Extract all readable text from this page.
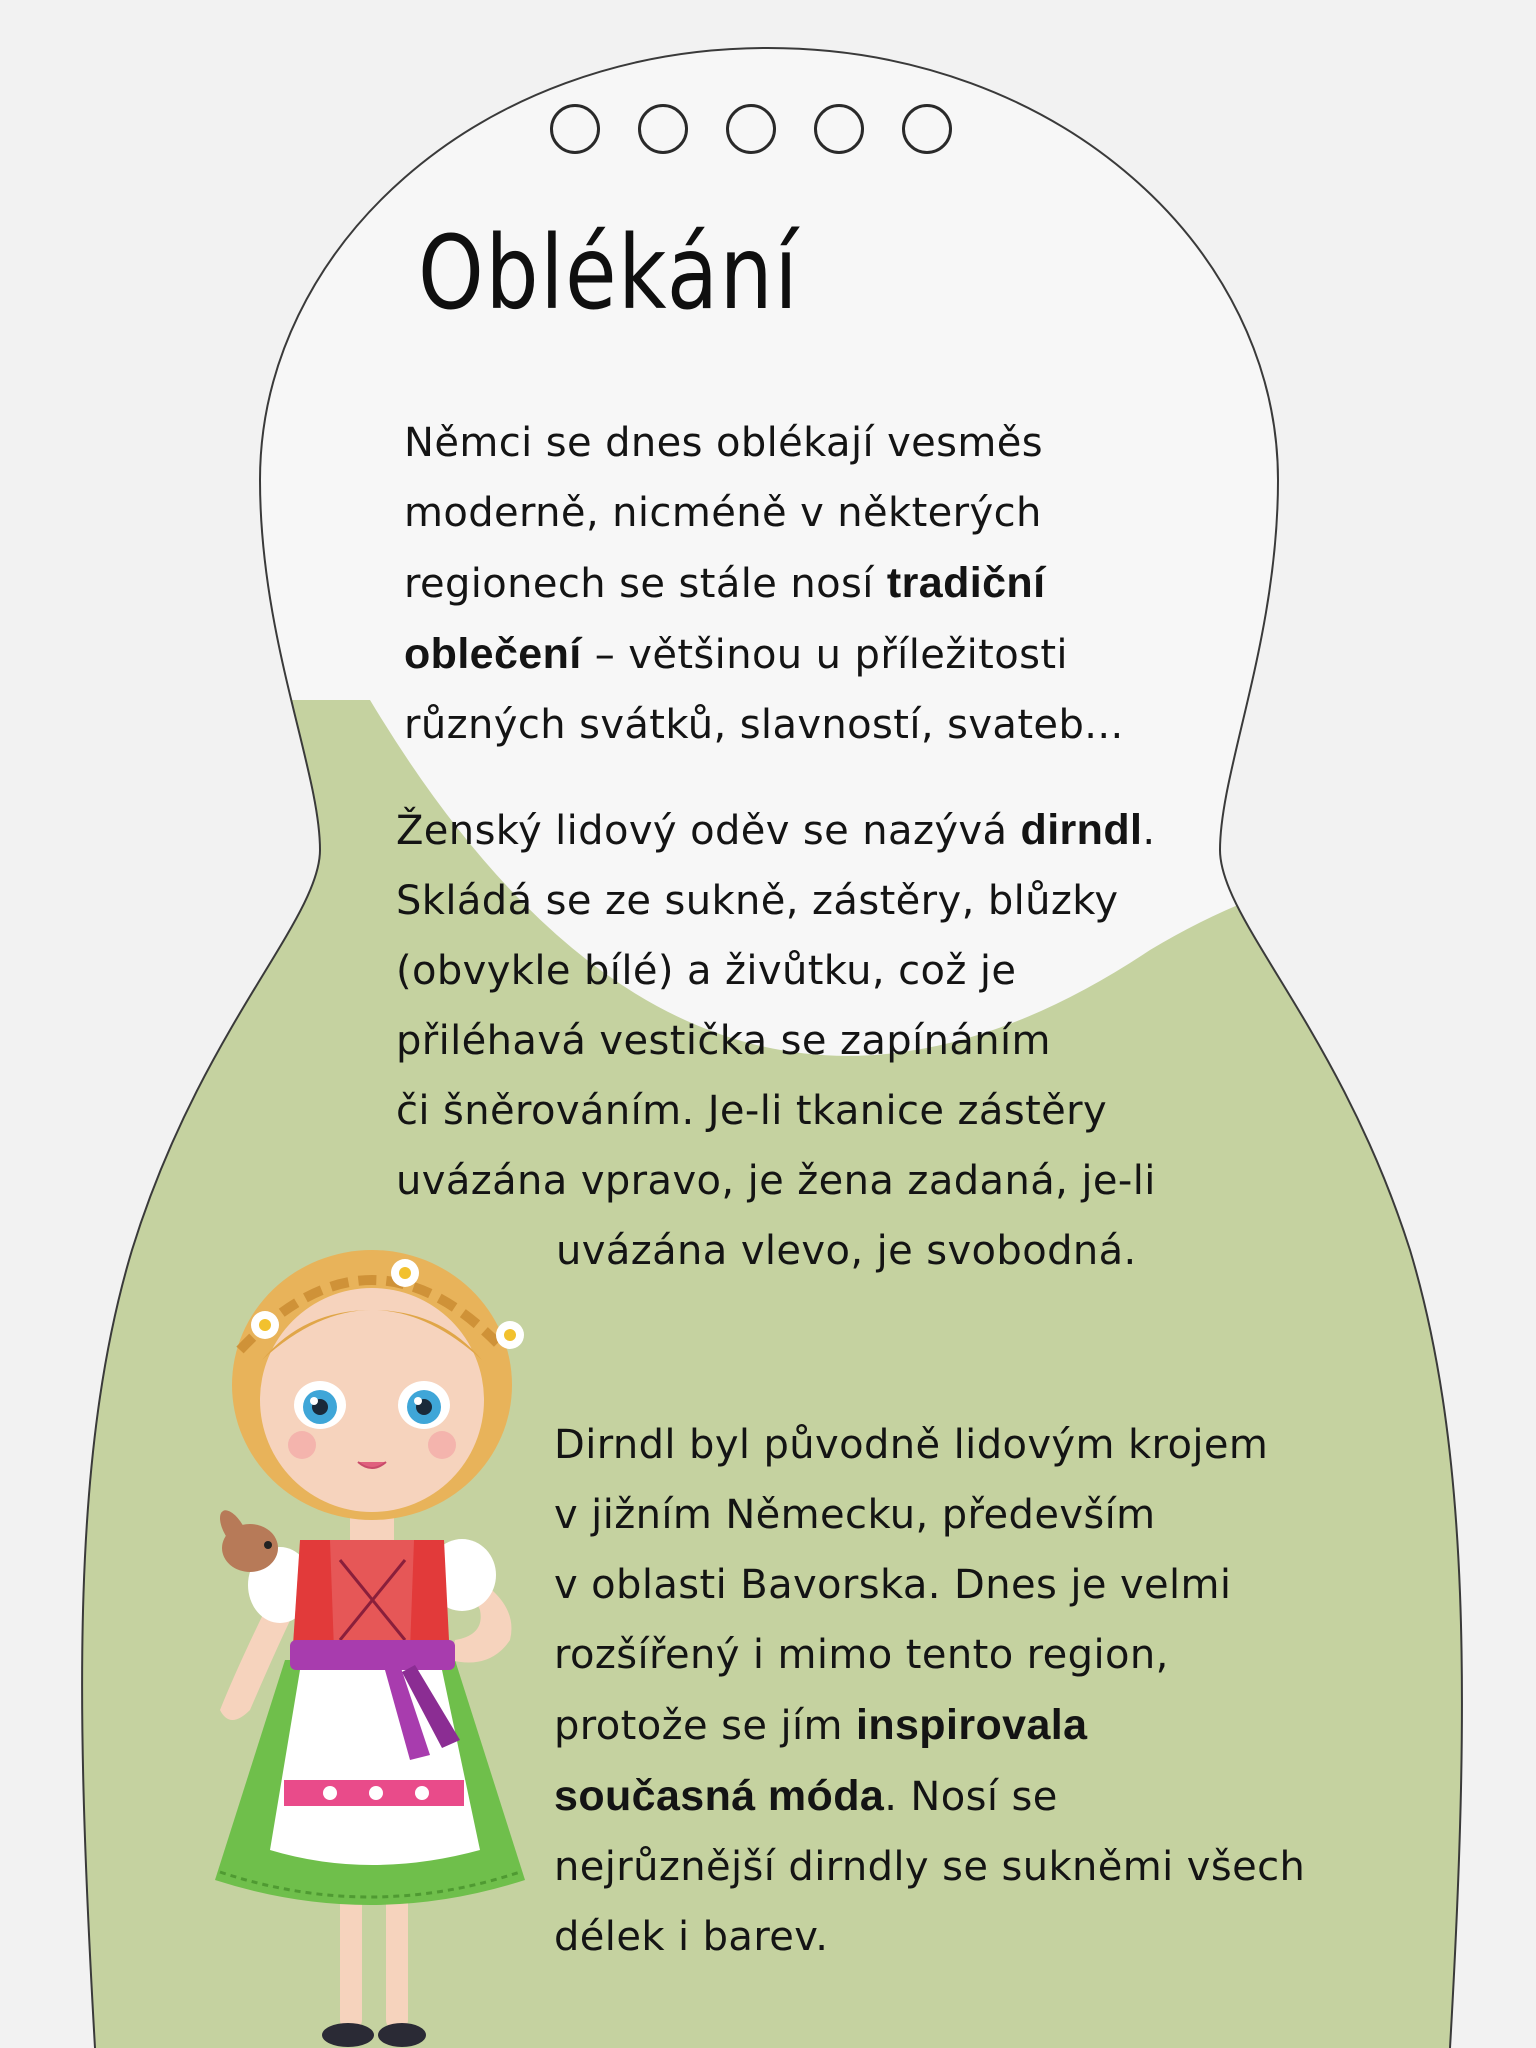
Oblékání

Němci se dnes oblékají vesměs
moderně, nicméně v některých
regionech se stále nosí tradiční
oblečení – většinou u příležitosti
různých svátků, slavností, svateb...

Ženský lidový oděv se nazývá dirndl.
Skládá se ze sukně, zástěry, blůzky
(obvykle bílé) a živůtku, což je
přiléhavá vestička se zapínáním
či šněrováním. Je-li tkanice zástěry
uvázána vpravo, je žena zadaná, je-li
uvázána vlevo, je svobodná.

Dirndl byl původně lidovým krojem
v jižním Německu, především
v oblasti Bavorska. Dnes je velmi
rozšířený i mimo tento region,
protože se jím inspirovala
současná móda. Nosí se
nejrůznější dirndly se sukněmi všech
délek i barev.
